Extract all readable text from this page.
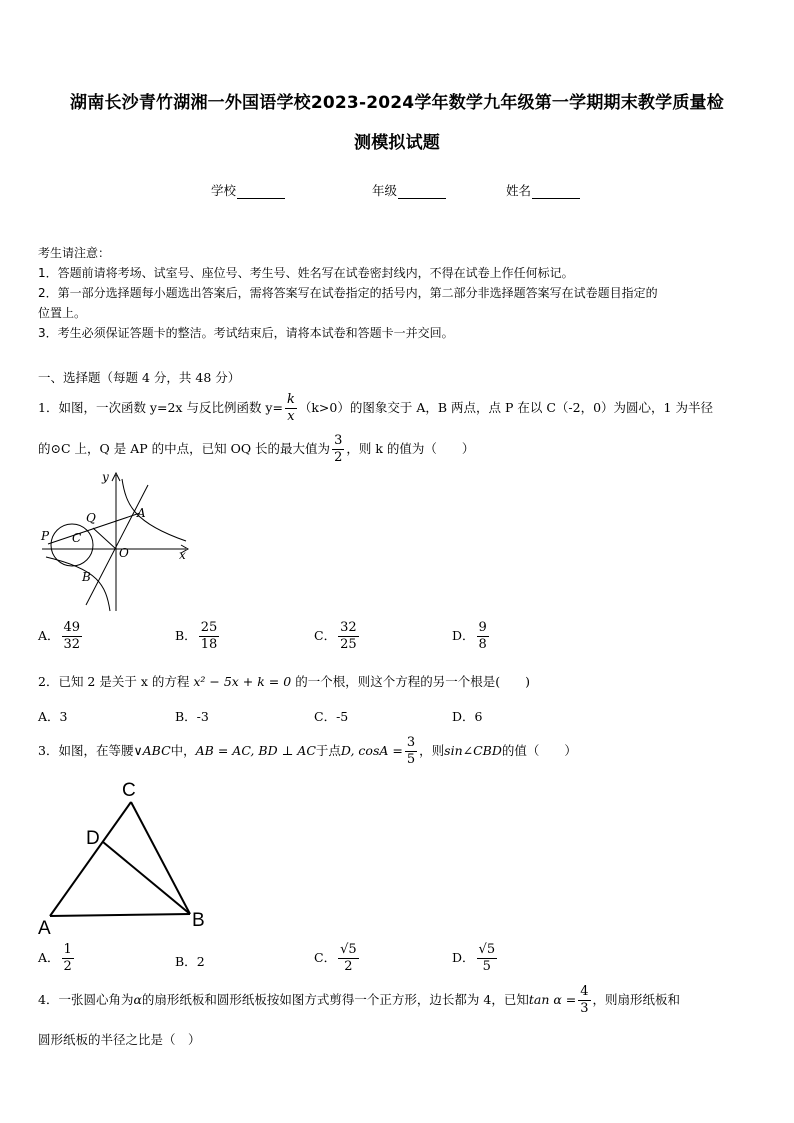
湖南长沙青竹湖湘一外国语学校2023-2024学年数学九年级第一学期期末教学质量检
测模拟试题
学校	年级	姓名
考生请注意：
1．答题前请将考场、试室号、座位号、考生号、姓名写在试卷密封线内，不得在试卷上作任何标记。
2．第一部分选择题每小题选出答案后，需将答案写在试卷指定的括号内，第二部分非选择题答案写在试卷题目指定的
位置上。
3．考生必须保证答题卡的整洁。考试结束后，请将本试卷和答题卡一并交回。
一、选择题（每题 4 分，共 48 分）
1．如图，一次函数 y=2x 与反比例函数 $y= \frac{k}{x} (k>0)$的图象交于 A，B 两点，点 P 在以 C（-2，0）为圆心，1 为半径
的⊙C 上，Q 是 AP 的中点，已知 OQ 长的最大值为 $\frac{3}{2}$ ，则 k 的值为（　　）
y
x
O
A
B
C
P
Q
A． $\frac{49}{32}$	B． $\frac{25}{18}$	C． $\frac{32}{25}$	D． $\frac{9}{8}$
2．已知 2 是关于 x 的方程 x² − 5x + k = 0 的一个根，则这个方程的另一个根是(　　)
A．3	B．-3	C．-5	D．6
3．如图，在等腰∨ABC中，AB = AC, BD ⊥ AC于点D, $\cos A = \frac{3}{5}$ ，则sin∠CBD的值（　　）
A	B
C
D
A． $\frac{1}{2}$	B．2	C． $\frac{√5}{2}$	D． $\frac{√5}{5}$
4．一张圆心角为α的扇形纸板和圆形纸板按如图方式剪得一个正方形，边长都为 4，已知$\tan \alpha = \frac{4}{3}$ ，则扇形纸板和
圆形纸板的半径之比是（　）
